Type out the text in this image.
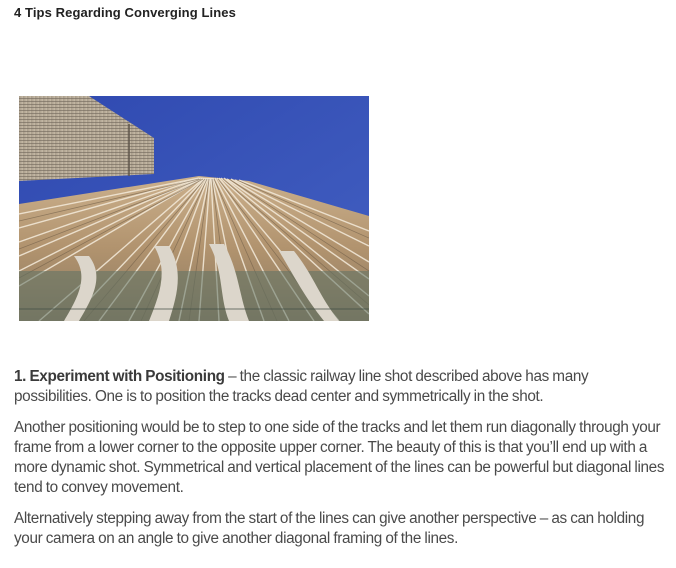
4 Tips Regarding Converging Lines

1. Experiment with Positioning – the classic railway line shot described above has many possibilities. One is to position the tracks dead center and symmetrically in the shot.

Another positioning would be to step to one side of the tracks and let them run diagonally through your frame from a lower corner to the opposite upper corner. The beauty of this is that you’ll end up with a more dynamic shot. Symmetrical and vertical placement of the lines can be powerful but diagonal lines tend to convey movement.

Alternatively stepping away from the start of the lines can give another perspective – as can holding your camera on an angle to give another diagonal framing of the lines.
